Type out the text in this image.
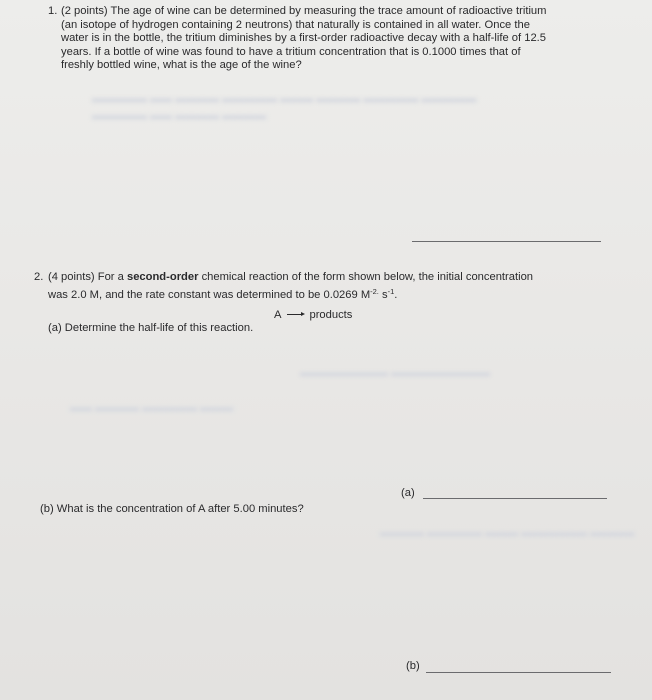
▬▬▬▬▬ ▬▬ ▬▬▬▬ ▬▬▬▬▬ ▬▬▬ ▬▬▬▬ ▬▬▬▬▬ ▬▬▬▬▬
▬▬▬▬▬ ▬▬ ▬▬▬▬ ▬▬▬▬
▬▬▬▬▬▬▬▬ ▬▬▬▬▬▬▬▬▬
▬▬ ▬▬▬▬ ▬▬▬▬▬ ▬▬▬
▬▬▬▬ ▬▬▬▬▬ ▬▬▬ ▬▬▬▬▬▬ ▬▬▬▬
1. (2 points) The age of wine can be determined by measuring the trace amount of radioactive tritium
(an isotope of hydrogen containing 2 neutrons) that naturally is contained in all water. Once the
water is in the bottle, the tritium diminishes by a first-order radioactive decay with a half-life of 12.5
years. If a bottle of wine was found to have a tritium concentration that is 0.1000 times that of
freshly bottled wine, what is the age of the wine?
2. (4 points) For a second-order chemical reaction of the form shown below, the initial concentration
was 2.0 M, and the rate constant was determined to be 0.0269 $M^{-2.}$ $s^{-1}$.
A → products
(a) Determine the half-life of this reaction.
(a)
(b) What is the concentration of A after 5.00 minutes?
(b)
